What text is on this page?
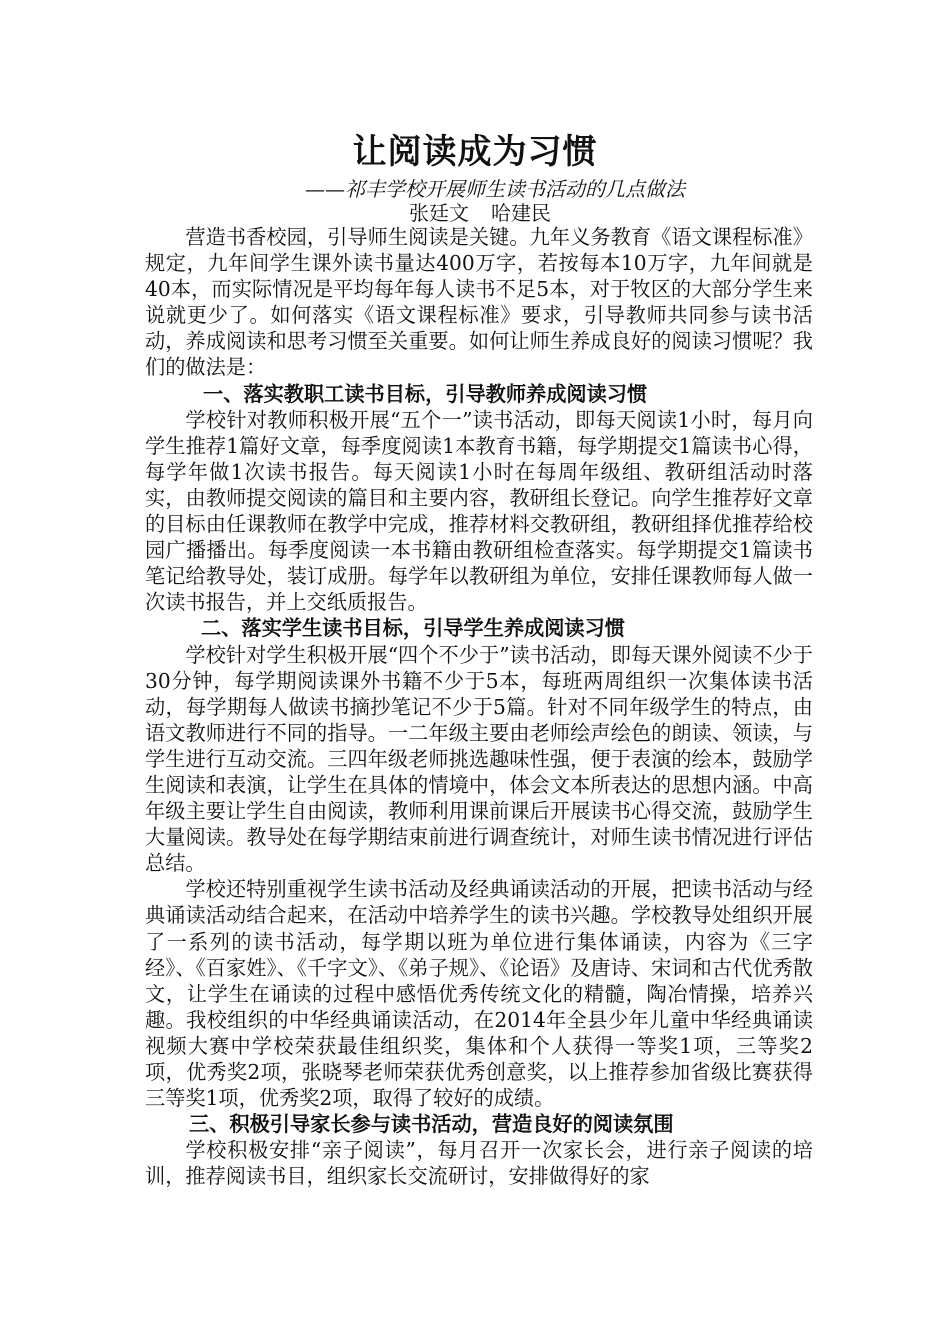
让阅读成为习惯
——祁丰学校开展师生读书活动的几点做法
张廷文 哈建民

营造书香校园，引导师生阅读是关键。九年义务教育《语文课程标准》规定，九年间学生课外读书量达400万字，若按每本10万字，九年间就是40本，而实际情况是平均每年每人读书不足5本，对于牧区的大部分学生来说就更少了。如何落实《语文课程标准》要求，引导教师共同参与读书活动，养成阅读和思考习惯至关重要。如何让师生养成良好的阅读习惯呢？我们的做法是：

一、落实教职工读书目标，引导教师养成阅读习惯

学校针对教师积极开展“五个一”读书活动，即每天阅读1小时，每月向学生推荐1篇好文章，每季度阅读1本教育书籍，每学期提交1篇读书心得，每学年做1次读书报告。每天阅读1小时在每周年级组、教研组活动时落实，由教师提交阅读的篇目和主要内容，教研组长登记。向学生推荐好文章的目标由任课教师在教学中完成，推荐材料交教研组，教研组择优推荐给校园广播播出。每季度阅读一本书籍由教研组检查落实。每学期提交1篇读书笔记给教导处，装订成册。每学年以教研组为单位，安排任课教师每人做一次读书报告，并上交纸质报告。

二、落实学生读书目标，引导学生养成阅读习惯

学校针对学生积极开展“四个不少于”读书活动，即每天课外阅读不少于30分钟，每学期阅读课外书籍不少于5本，每班两周组织一次集体读书活动，每学期每人做读书摘抄笔记不少于5篇。针对不同年级学生的特点，由语文教师进行不同的指导。一二年级主要由老师绘声绘色的朗读、领读，与学生进行互动交流。三四年级老师挑选趣味性强，便于表演的绘本，鼓励学生阅读和表演，让学生在具体的情境中，体会文本所表达的思想内涵。中高年级主要让学生自由阅读，教师利用课前课后开展读书心得交流，鼓励学生大量阅读。教导处在每学期结束前进行调查统计，对师生读书情况进行评估总结。

学校还特别重视学生读书活动及经典诵读活动的开展，把读书活动与经典诵读活动结合起来，在活动中培养学生的读书兴趣。学校教导处组织开展了一系列的读书活动，每学期以班为单位进行集体诵读，内容为《三字经》、《百家姓》、《千字文》、《弟子规》、《论语》及唐诗、宋词和古代优秀散文，让学生在诵读的过程中感悟优秀传统文化的精髓，陶冶情操，培养兴趣。我校组织的中华经典诵读活动，在2014年全县少年儿童中华经典诵读视频大赛中学校荣获最佳组织奖，集体和个人获得一等奖1项，三等奖2项，优秀奖2项，张晓琴老师荣获优秀创意奖，以上推荐参加省级比赛获得三等奖1项，优秀奖2项，取得了较好的成绩。

三、积极引导家长参与读书活动，营造良好的阅读氛围

学校积极安排“亲子阅读”，每月召开一次家长会，进行亲子阅读的培训，推荐阅读书目，组织家长交流研讨，安排做得好的家
